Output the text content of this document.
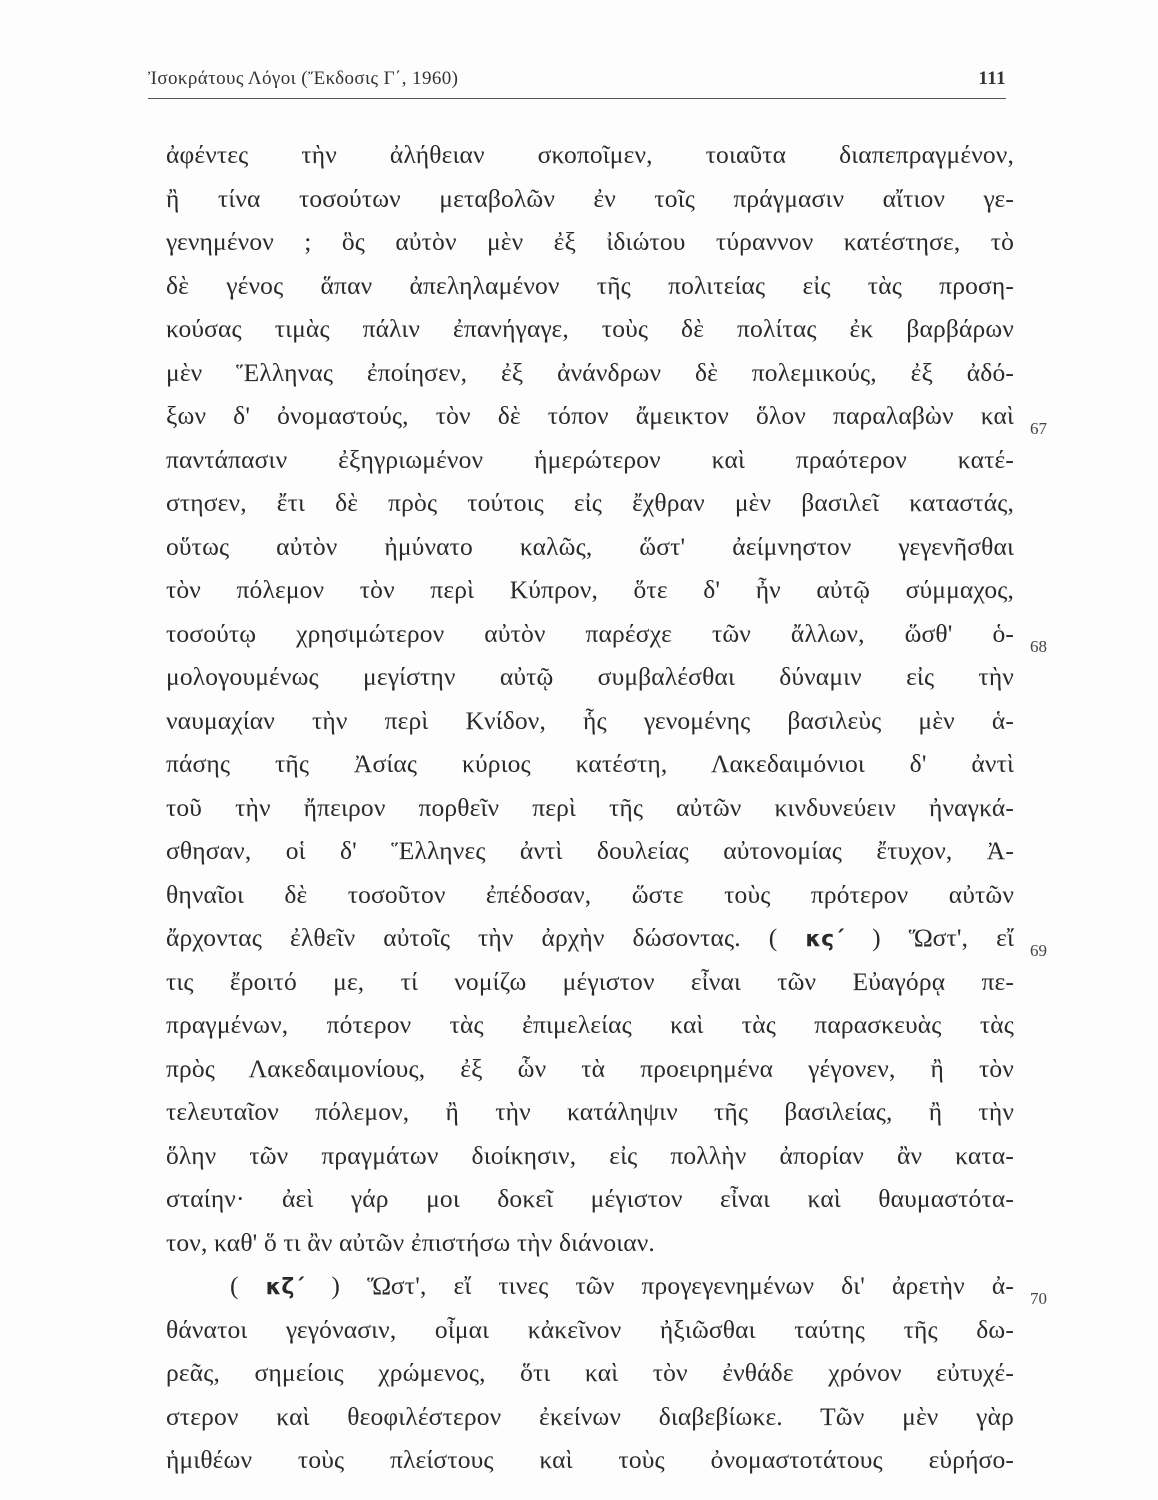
Ἰσοκράτους Λόγοι (Ἔκδοσις Γ΄, 1960)	111
ἀφέντες τὴν ἀλήθειαν σκοποῖμεν, τοιαῦτα διαπεπραγμένον,
ἢ τίνα τοσούτων μεταβολῶν ἐν τοῖς πράγμασιν αἴτιον γε-
γενημένον ; ὃς αὐτὸν μὲν ἐξ ἰδιώτου τύραννον κατέστησε, τὸ
δὲ γένος ἅπαν ἀπεληλαμένον τῆς πολιτείας εἰς τὰς προση-
κούσας τιμὰς πάλιν ἐπανήγαγε, τοὺς δὲ πολίτας ἐκ βαρβάρων
μὲν Ἕλληνας ἐποίησεν, ἐξ ἀνάνδρων δὲ πολεμικούς, ἐξ ἀδό-
ξων δ' ὀνομαστούς, τὸν δὲ τόπον ἄμεικτον ὅλον παραλαβὼν καὶ
παντάπασιν ἐξηγριωμένον ἡμερώτερον καὶ πραότερον κατέ-
στησεν, ἔτι δὲ πρὸς τούτοις εἰς ἔχθραν μὲν βασιλεῖ καταστάς,
οὕτως αὐτὸν ἠμύνατο καλῶς, ὥστ' ἀείμνηστον γεγενῆσθαι
τὸν πόλεμον τὸν περὶ Κύπρον, ὅτε δ' ἦν αὐτῷ σύμμαχος,
τοσούτῳ χρησιμώτερον αὐτὸν παρέσχε τῶν ἄλλων, ὥσθ' ὁ-
μολογουμένως μεγίστην αὐτῷ συμβαλέσθαι δύναμιν εἰς τὴν
ναυμαχίαν τὴν περὶ Κνίδον, ἧς γενομένης βασιλεὺς μὲν ἁ-
πάσης τῆς Ἀσίας κύριος κατέστη, Λακεδαιμόνιοι δ' ἀντὶ
τοῦ τὴν ἤπειρον πορθεῖν περὶ τῆς αὐτῶν κινδυνεύειν ἠναγκά-
σθησαν, οἱ δ' Ἕλληνες ἀντὶ δουλείας αὐτονομίας ἔτυχον, Ἀ-
θηναῖοι δὲ τοσοῦτον ἐπέδοσαν, ὥστε τοὺς πρότερον αὐτῶν
ἄρχοντας ἐλθεῖν αὐτοῖς τὴν ἀρχὴν δώσοντας. ( κς΄ ) Ὥστ', εἴ
τις ἔροιτό με, τί νομίζω μέγιστον εἶναι τῶν Εὐαγόρᾳ πε-
πραγμένων, πότερον τὰς ἐπιμελείας καὶ τὰς παρασκευὰς τὰς
πρὸς Λακεδαιμονίους, ἐξ ὧν τὰ προειρημένα γέγονεν, ἢ τὸν
τελευταῖον πόλεμον, ἢ τὴν κατάληψιν τῆς βασιλείας, ἢ τὴν
ὅλην τῶν πραγμάτων διοίκησιν, εἰς πολλὴν ἀπορίαν ἂν κατα-
σταίην· ἀεὶ γάρ μοι δοκεῖ μέγιστον εἶναι καὶ θαυμαστότα-
τον, καθ' ὅ τι ἂν αὐτῶν ἐπιστήσω τὴν διάνοιαν.
( κζ΄ ) Ὥστ', εἴ τινες τῶν προγεγενημένων δι' ἀρετὴν ἀ-
θάνατοι γεγόνασιν, οἶμαι κἀκεῖνον ἠξιῶσθαι ταύτης τῆς δω-
ρεᾶς, σημείοις χρώμενος, ὅτι καὶ τὸν ἐνθάδε χρόνον εὐτυχέ-
στερον καὶ θεοφιλέστερον ἐκείνων διαβεβίωκε. Τῶν μὲν γὰρ
ἡμιθέων τοὺς πλείστους καὶ τοὺς ὀνομαστοτάτους εὑρήσο-
67
68
69
70
